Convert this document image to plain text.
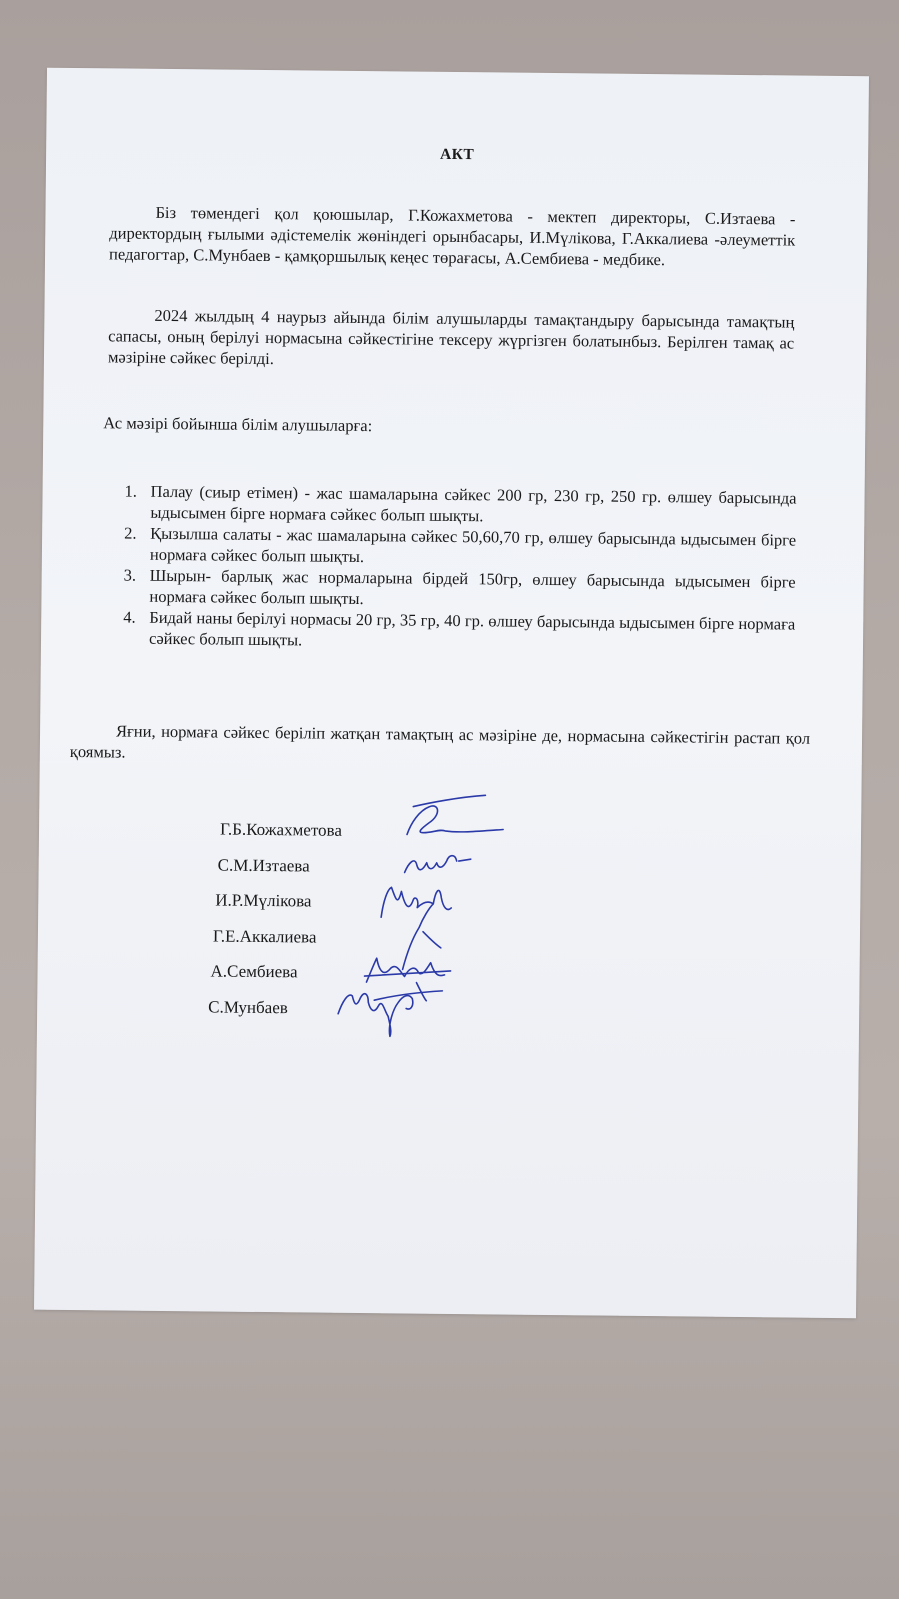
АКТ
Біз төмендегі қол қоюшылар, Г.Кожахметова - мектеп директоры, С.Изтаева - директордың ғылыми әдістемелік жөніндегі орынбасары, И.Мүлікова, Г.Аккалиева -әлеуметтік педагогтар, С.Мунбаев - қамқоршылық кеңес төрағасы, А.Сембиева - медбике.
2024 жылдың 4 наурыз айында білім алушыларды тамақтандыру барысында тамақтың сапасы, оның берілуі нормасына сәйкестігіне тексеру жүргізген болатынбыз. Берілген тамақ ас мәзіріне сәйкес берілді.
Ас мәзірі бойынша білім алушыларға:
1. Палау (сиыр етімен) - жас шамаларына сәйкес 200 гр, 230 гр, 250 гр. өлшеу барысында ыдысымен бірге нормаға сәйкес болып шықты.
2. Қызылша салаты - жас шамаларына сәйкес 50,60,70 гр, өлшеу барысында ыдысымен бірге нормаға сәйкес болып шықты.
3. Шырын- барлық жас нормаларына бірдей 150гр, өлшеу барысында ыдысымен бірге нормаға сәйкес болып шықты.
4. Бидай наны берілуі нормасы 20 гр, 35 гр, 40 гр. өлшеу барысында ыдысымен бірге нормаға сәйкес болып шықты.
Яғни, нормаға сәйкес беріліп жатқан тамақтың ас мәзіріне де, нормасына сәйкестігін растап қол қоямыз.
Г.Б.Кожахметова
С.М.Изтаева
И.Р.Мүлікова
Г.Е.Аккалиева
А.Сембиева
С.Мунбаев
